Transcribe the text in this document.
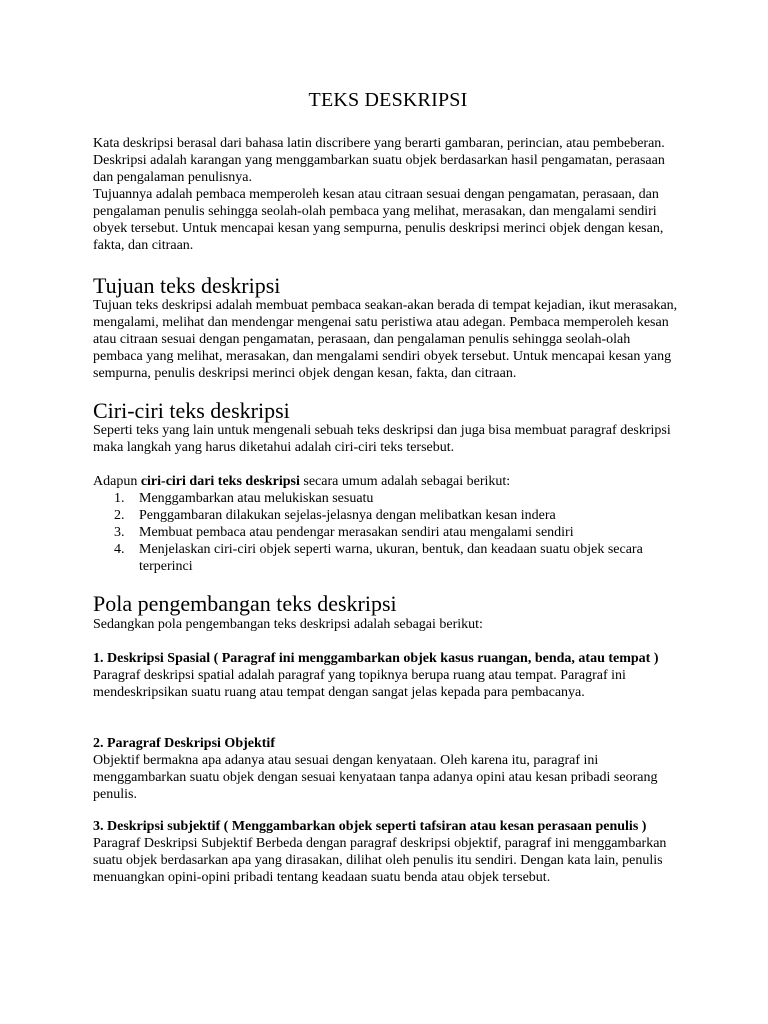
TEKS DESKRIPSI

Kata deskripsi berasal dari bahasa latin discribere yang berarti gambaran, perincian, atau pembeberan. Deskripsi adalah karangan yang menggambarkan suatu objek berdasarkan hasil pengamatan, perasaan dan pengalaman penulisnya.

Tujuannya adalah pembaca memperoleh kesan atau citraan sesuai dengan pengamatan, perasaan, dan pengalaman penulis sehingga seolah-olah pembaca yang melihat, merasakan, dan mengalami sendiri obyek tersebut. Untuk mencapai kesan yang sempurna, penulis deskripsi merinci objek dengan kesan, fakta, dan citraan.

Tujuan teks deskripsi

Tujuan teks deskripsi adalah membuat pembaca seakan-akan berada di tempat kejadian, ikut merasakan, mengalami, melihat dan mendengar mengenai satu peristiwa atau adegan. Pembaca memperoleh kesan atau citraan sesuai dengan pengamatan, perasaan, dan pengalaman penulis sehingga seolah-olah pembaca yang melihat, merasakan, dan mengalami sendiri obyek tersebut. Untuk mencapai kesan yang sempurna, penulis deskripsi merinci objek dengan kesan, fakta, dan citraan.

Ciri-ciri teks deskripsi

Seperti teks yang lain untuk mengenali sebuah teks deskripsi dan juga bisa membuat paragraf deskripsi maka langkah yang harus diketahui adalah ciri-ciri teks tersebut.

Adapun ciri-ciri dari teks deskripsi secara umum adalah sebagai berikut:

1. Menggambarkan atau melukiskan sesuatu
2. Penggambaran dilakukan sejelas-jelasnya dengan melibatkan kesan indera
3. Membuat pembaca atau pendengar merasakan sendiri atau mengalami sendiri
4. Menjelaskan ciri-ciri objek seperti warna, ukuran, bentuk, dan keadaan suatu objek secara terperinci
Pola pengembangan teks deskripsi

Sedangkan pola pengembangan teks deskripsi adalah sebagai berikut:

1. Deskripsi Spasial ( Paragraf ini menggambarkan objek kasus ruangan, benda, atau tempat )

Paragraf deskripsi spatial adalah paragraf yang topiknya berupa ruang atau tempat. Paragraf ini mendeskripsikan suatu ruang atau tempat dengan sangat jelas kepada para pembacanya.

2. Paragraf Deskripsi Objektif

Objektif bermakna apa adanya atau sesuai dengan kenyataan. Oleh karena itu, paragraf ini menggambarkan suatu objek dengan sesuai kenyataan tanpa adanya opini atau kesan pribadi seorang penulis.

3. Deskripsi subjektif ( Menggambarkan objek seperti tafsiran atau kesan perasaan penulis )

Paragraf Deskripsi Subjektif Berbeda dengan paragraf deskripsi objektif, paragraf ini menggambarkan suatu objek berdasarkan apa yang dirasakan, dilihat oleh penulis itu sendiri. Dengan kata lain, penulis menuangkan opini-opini pribadi tentang keadaan suatu benda atau objek tersebut.
